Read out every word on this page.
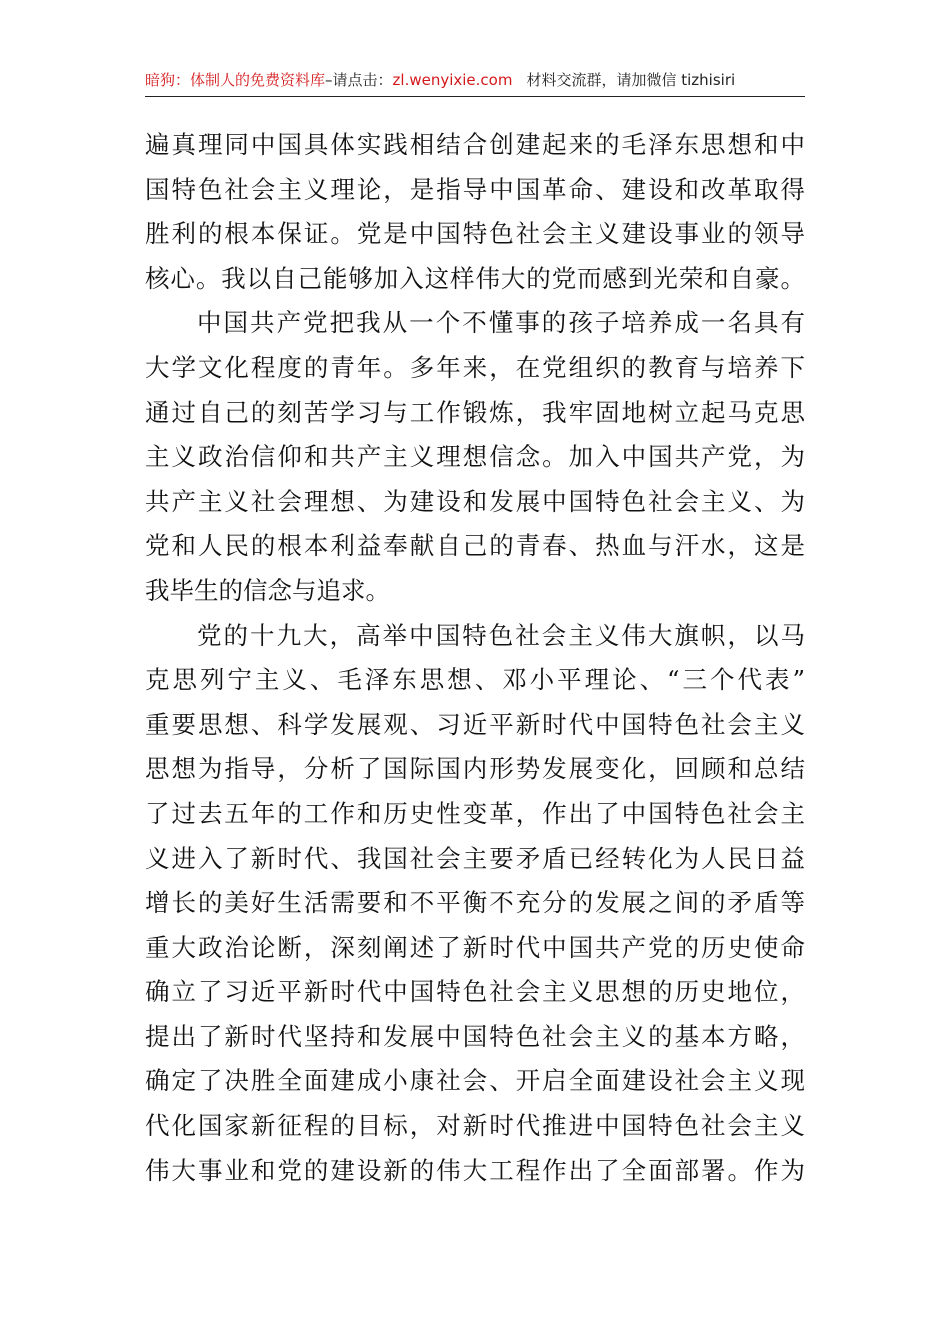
暗狗：体制人的免费资料库–请点击：zl.wenyixie.com 材料交流群，请加微信 tizhisiri
遍真理同中国具体实践相结合创建起来的毛泽东思想和中
国特色社会主义理论，是指导中国革命、建设和改革取得
胜利的根本保证。党是中国特色社会主义建设事业的领导
核心。我以自己能够加入这样伟大的党而感到光荣和自豪。
中国共产党把我从一个不懂事的孩子培养成一名具有
大学文化程度的青年。多年来，在党组织的教育与培养下
通过自己的刻苦学习与工作锻炼，我牢固地树立起马克思
主义政治信仰和共产主义理想信念。加入中国共产党，为
共产主义社会理想、为建设和发展中国特色社会主义、为
党和人民的根本利益奉献自己的青春、热血与汗水，这是
我毕生的信念与追求。
党的十九大，高举中国特色社会主义伟大旗帜，以马
克思列宁主义、毛泽东思想、邓小平理论、“三个代表”
重要思想、科学发展观、习近平新时代中国特色社会主义
思想为指导，分析了国际国内形势发展变化，回顾和总结
了过去五年的工作和历史性变革，作出了中国特色社会主
义进入了新时代、我国社会主要矛盾已经转化为人民日益
增长的美好生活需要和不平衡不充分的发展之间的矛盾等
重大政治论断，深刻阐述了新时代中国共产党的历史使命
确立了习近平新时代中国特色社会主义思想的历史地位，
提出了新时代坚持和发展中国特色社会主义的基本方略，
确定了决胜全面建成小康社会、开启全面建设社会主义现
代化国家新征程的目标，对新时代推进中国特色社会主义
伟大事业和党的建设新的伟大工程作出了全面部署。作为
